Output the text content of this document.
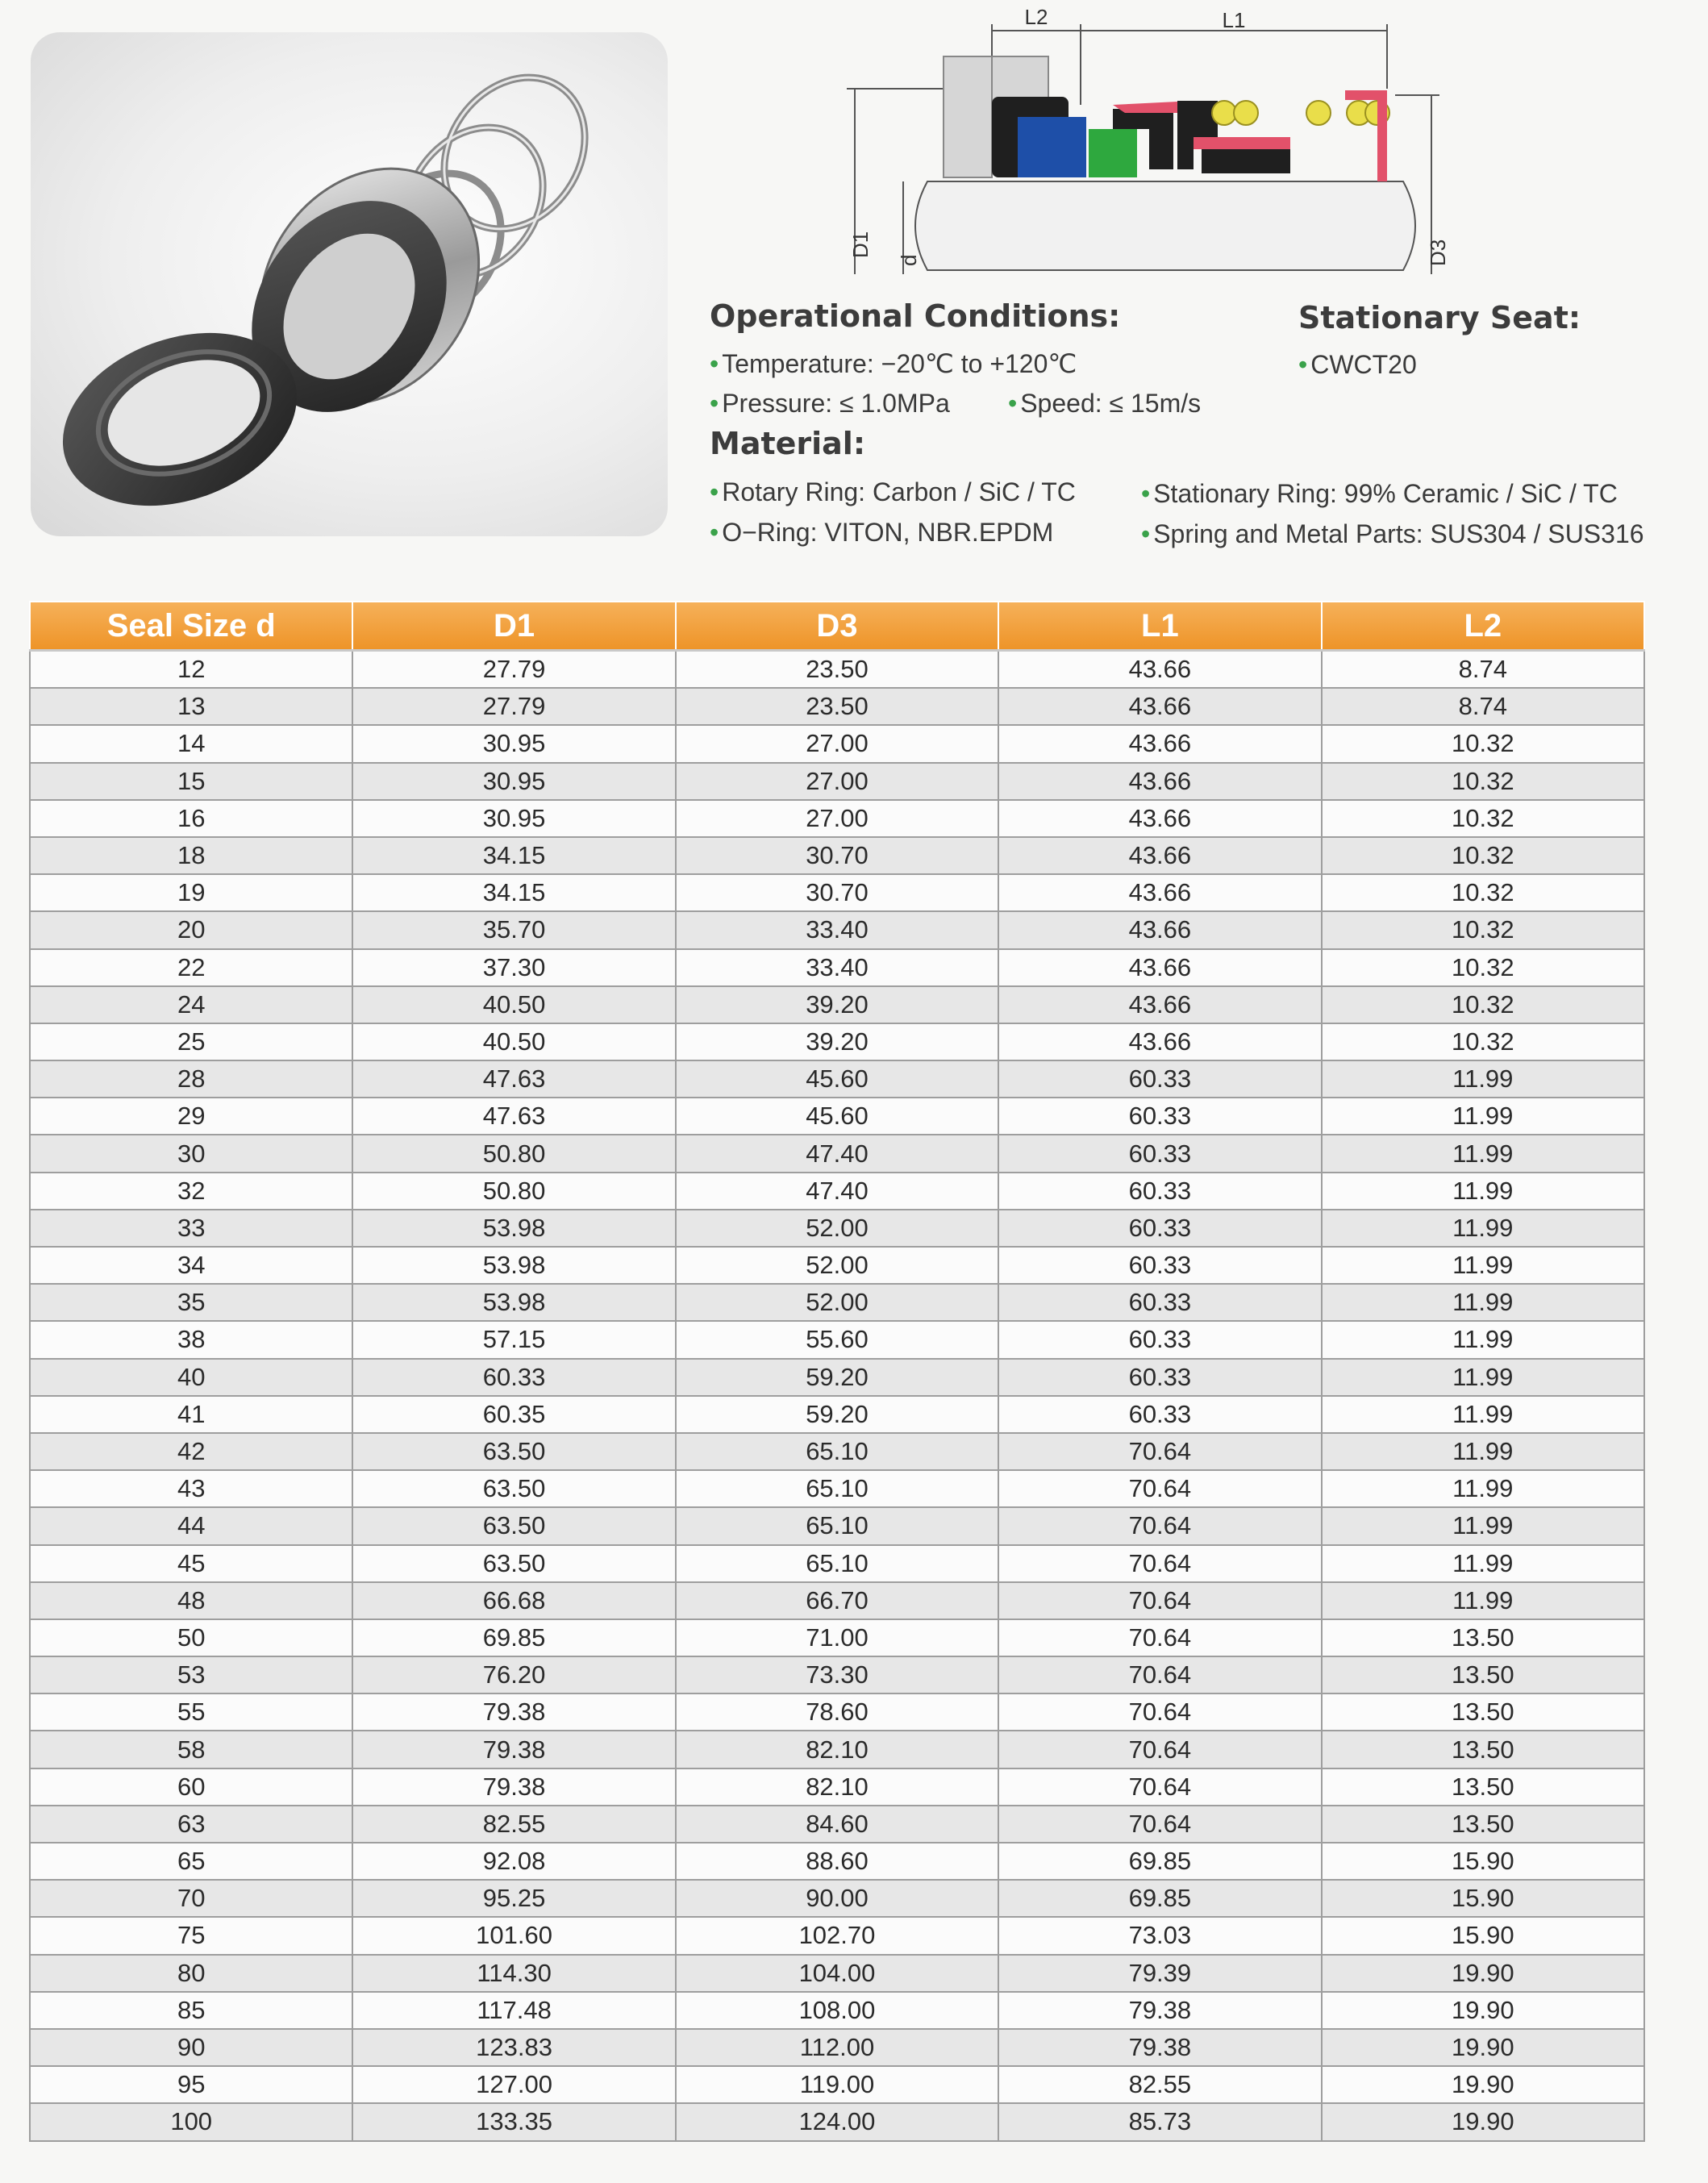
L2	L1
D1
d	D3
Operational Conditions:
• Temperature: −20℃ to +120℃
• Pressure: ≤ 1.0MPa • Speed: ≤ 15m/s
Stationary Seat:
• CWCT20
Material:
• Rotary Ring: Carbon / SiC / TC	• Stationary Ring: 99% Ceramic / SiC / TC
• O−Ring: VITON, NBR.EPDM	• Spring and Metal Parts: SUS304 / SUS316
Seal Size d	D1	D3	L1	L2
12	27.79	23.50	43.66	8.74
13	27.79	23.50	43.66	8.74
14	30.95	27.00	43.66	10.32
15	30.95	27.00	43.66	10.32
16	30.95	27.00	43.66	10.32
18	34.15	30.70	43.66	10.32
19	34.15	30.70	43.66	10.32
20	35.70	33.40	43.66	10.32
22	37.30	33.40	43.66	10.32
24	40.50	39.20	43.66	10.32
25	40.50	39.20	43.66	10.32
28	47.63	45.60	60.33	11.99
29	47.63	45.60	60.33	11.99
30	50.80	47.40	60.33	11.99
32	50.80	47.40	60.33	11.99
33	53.98	52.00	60.33	11.99
34	53.98	52.00	60.33	11.99
35	53.98	52.00	60.33	11.99
38	57.15	55.60	60.33	11.99
40	60.33	59.20	60.33	11.99
41	60.35	59.20	60.33	11.99
42	63.50	65.10	70.64	11.99
43	63.50	65.10	70.64	11.99
44	63.50	65.10	70.64	11.99
45	63.50	65.10	70.64	11.99
48	66.68	66.70	70.64	11.99
50	69.85	71.00	70.64	13.50
53	76.20	73.30	70.64	13.50
55	79.38	78.60	70.64	13.50
58	79.38	82.10	70.64	13.50
60	79.38	82.10	70.64	13.50
63	82.55	84.60	70.64	13.50
65	92.08	88.60	69.85	15.90
70	95.25	90.00	69.85	15.90
75	101.60	102.70	73.03	15.90
80	114.30	104.00	79.39	19.90
85	117.48	108.00	79.38	19.90
90	123.83	112.00	79.38	19.90
95	127.00	119.00	82.55	19.90
100	133.35	124.00	85.73	19.90
